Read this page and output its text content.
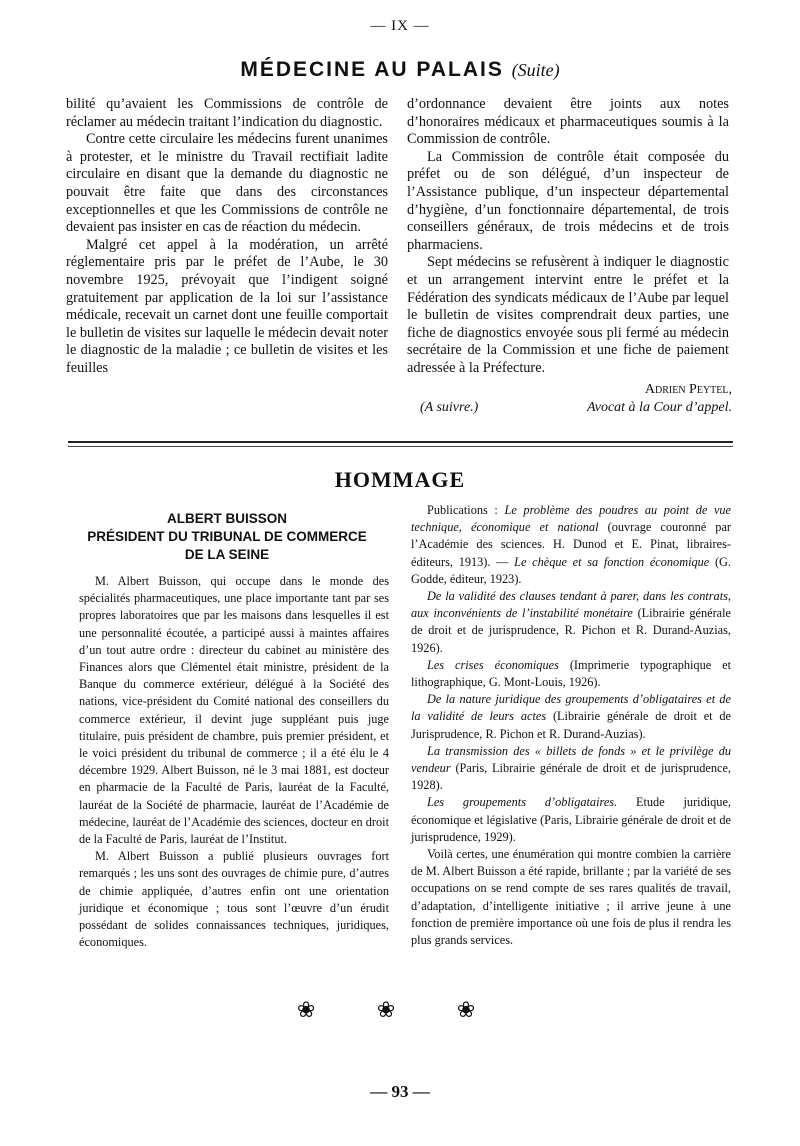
— IX —
MÉDECINE AU PALAIS (Suite)

bilité qu’avaient les Commissions de contrôle de réclamer au médecin traitant l’indication du diagnostic.

Contre cette circulaire les médecins furent unanimes à protester, et le ministre du Travail rectifiait ladite circulaire en disant que la demande du diagnostic ne pouvait être faite que dans des circonstances exceptionnelles et que les Commissions de contrôle ne devaient pas insister en cas de réaction du médecin.

Malgré cet appel à la modération, un arrêté réglementaire pris par le préfet de l’Aube, le 30 novembre 1925, prévoyait que l’indigent soigné gratuitement par application de la loi sur l’assistance médicale, recevait un carnet dont une feuille comportait le bulletin de visites sur laquelle le médecin devait noter le diagnostic de la maladie ; ce bulletin de visites et les feuilles

d’ordonnance devaient être joints aux notes d’honoraires médicaux et pharmaceutiques soumis à la Commission de contrôle.

La Commission de contrôle était composée du préfet ou de son délégué, d’un inspecteur de l’Assistance publique, d’un inspecteur départemental d’hygiène, d’un fonctionnaire départemental, de trois conseillers généraux, de trois médecins et de trois pharmaciens.

Sept médecins se refusèrent à indiquer le diagnostic et un arrangement intervint entre le préfet et la Fédération des syndicats médicaux de l’Aube par lequel le bulletin de visites comprendrait deux parties, une fiche de diagnostics envoyée sous pli fermé au médecin secrétaire de la Commission et une fiche de paiement adressée à la Préfecture.

Adrien Peytel,
(A suivre.)	Avocat à la Cour d’appel.
HOMMAGE
ALBERT BUISSON
PRÉSIDENT DU TRIBUNAL DE COMMERCE
DE LA SEINE

M. Albert Buisson, qui occupe dans le monde des spécialités pharmaceutiques, une place importante tant par ses propres laboratoires que par les maisons dans lesquelles il est une personnalité écoutée, a participé aussi à maintes affaires d’un tout autre ordre : directeur du cabinet au ministère des Finances alors que Clémentel était ministre, président de la Banque du commerce extérieur, délégué à la Société des nations, vice-président du Comité national des conseillers du commerce extérieur, il devint juge suppléant puis juge titulaire, puis président de chambre, puis premier président, et le voici président du tribunal de commerce ; il a été élu le 4 décembre 1929. Albert Buisson, né le 3 mai 1881, est docteur en pharmacie de la Faculté de Paris, lauréat de la Faculté, lauréat de la Société de pharmacie, lauréat de l’Académie de médecine, lauréat de l’Académie des sciences, docteur en droit de la Faculté de Paris, lauréat de l’Institut.

M. Albert Buisson a publié plusieurs ouvrages fort remarqués ; les uns sont des ouvrages de chimie pure, d’autres de chimie appliquée, d’autres enfin ont une orientation juridique et économique ; tous sont l’œuvre d’un érudit possédant de solides connaissances techniques, juridiques, économiques.

Publications : Le problème des poudres au point de vue technique, économique et national (ouvrage couronné par l’Académie des sciences. H. Dunod et E. Pinat, libraires-éditeurs, 1913). — Le chèque et sa fonction économique (G. Godde, éditeur, 1923).

De la validité des clauses tendant à parer, dans les contrats, aux inconvénients de l’instabilité monétaire (Librairie générale de droit et de jurisprudence, R. Pichon et R. Durand-Auzias, 1926).

Les crises économiques (Imprimerie typographique et lithographique, G. Mont-Louis, 1926).

De la nature juridique des groupements d’obligataires et de la validité de leurs actes (Librairie générale de droit et de Jurisprudence, R. Pichon et R. Durand-Auzias).

La transmission des « billets de fonds » et le privilège du vendeur (Paris, Librairie générale de droit et de jurisprudence, 1928).

Les groupements d’obligataires. Etude juridique, économique et législative (Paris, Librairie générale de droit et de jurisprudence, 1929).

Voilà certes, une énumération qui montre combien la carrière de M. Albert Buisson a été rapide, brillante ; par la variété de ses occupations on se rend compte de ses rares qualités de travail, d’adaptation, d’intelligente initiative ; il arrive jeune à une fonction de première importance où une fois de plus il rendra les plus grands services.

❀ ❀ ❀
— 93 —
